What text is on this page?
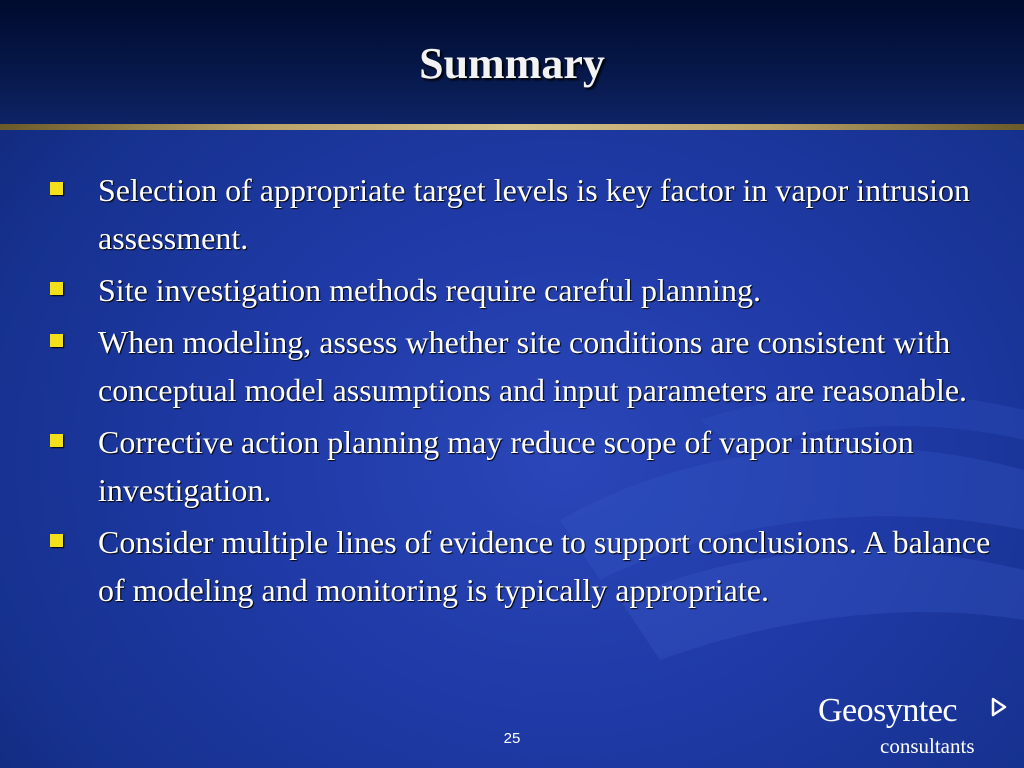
Summary
Selection of appropriate target levels is key factor in vapor intrusion assessment.
Site investigation methods require careful planning.
When modeling, assess whether site conditions are consistent with conceptual model assumptions and input parameters are reasonable.
Corrective action planning may reduce scope of vapor intrusion investigation.
Consider multiple lines of evidence to support conclusions. A balance of modeling and monitoring is typically appropriate.
25
Geosyntec
consultants
